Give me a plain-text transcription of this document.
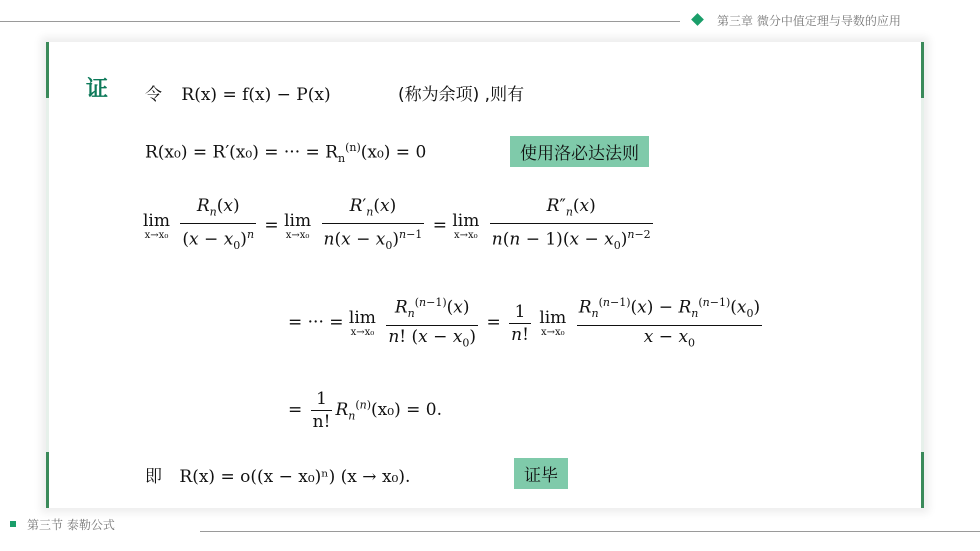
第三章 微分中值定理与导数的应用
证 令 R(x) = f(x) − P(x)	(称为余项) ,则有
R(x₀) = R′(x₀) = ··· = $R_n^{(n)}(x_0) = 0$	使用洛必达法则
lim
x→x₀
$\frac{R_n(x)}{(x - x_0)^n} = \lim$
x→x₀
$\frac{R'_n(x)}{n(x - x_0)^{n-1}} = \lim$
x→x₀
$\frac{R''_n(x)}{n(n - 1)(x - x_0)^{n-2}}$
= ··· = lim
x→x₀
$\frac{R_n^{(n-1)}(x)}{n! (x - x_0)} = \frac{1}{n!}$
lim
x→x₀
$\frac{R_n^{(n-1)}(x) - R_n^{(n-1)}(x_0)}{x - x_0}$
= $\frac{1}{n!} R_n^{(n)}(x_0) = 0$.
即 R(x) = o((x − x₀)ⁿ) (x → x₀).	证毕
第三节 泰勒公式
